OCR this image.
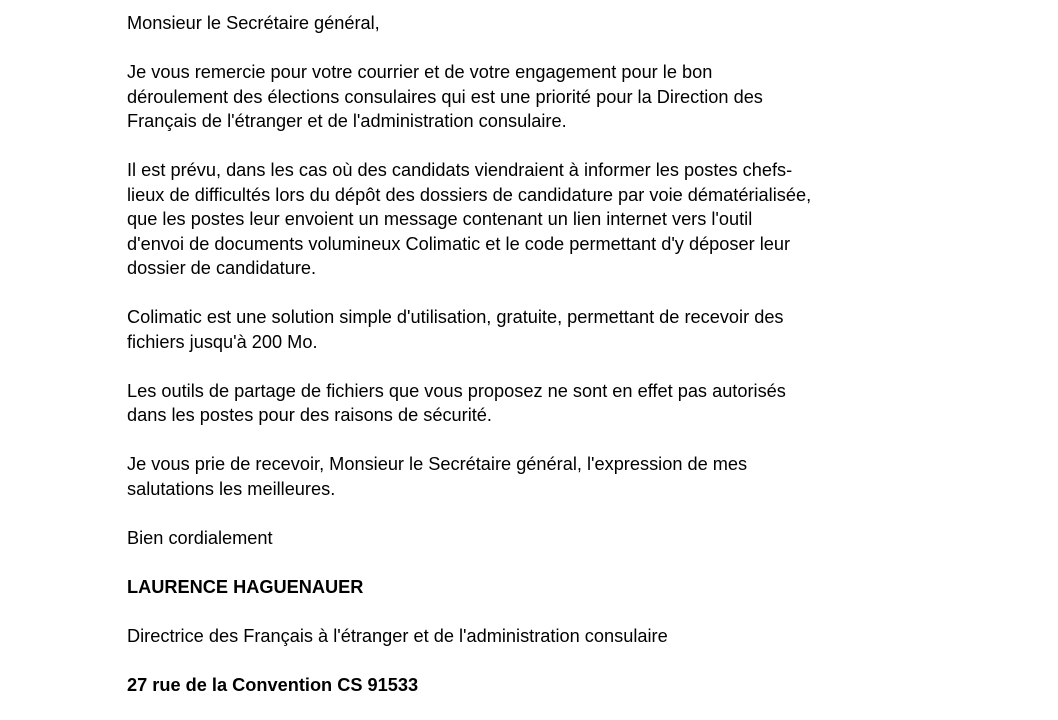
Monsieur le Secrétaire général,

Je vous remercie pour votre courrier et de votre engagement pour le bon

déroulement des élections consulaires qui est une priorité pour la Direction des

Français de l'étranger et de l'administration consulaire.

Il est prévu, dans les cas où des candidats viendraient à informer les postes chefs-

lieux de difficultés lors du dépôt des dossiers de candidature par voie dématérialisée,

que les postes leur envoient un message contenant un lien internet vers l'outil

d'envoi de documents volumineux Colimatic et le code permettant d'y déposer leur

dossier de candidature.

Colimatic est une solution simple d'utilisation, gratuite, permettant de recevoir des

fichiers jusqu'à 200 Mo.

Les outils de partage de fichiers que vous proposez ne sont en effet pas autorisés

dans les postes pour des raisons de sécurité.

Je vous prie de recevoir, Monsieur le Secrétaire général, l'expression de mes

salutations les meilleures.

Bien cordialement

LAURENCE HAGUENAUER

Directrice des Français à l'étranger et de l'administration consulaire

27 rue de la Convention CS 91533
